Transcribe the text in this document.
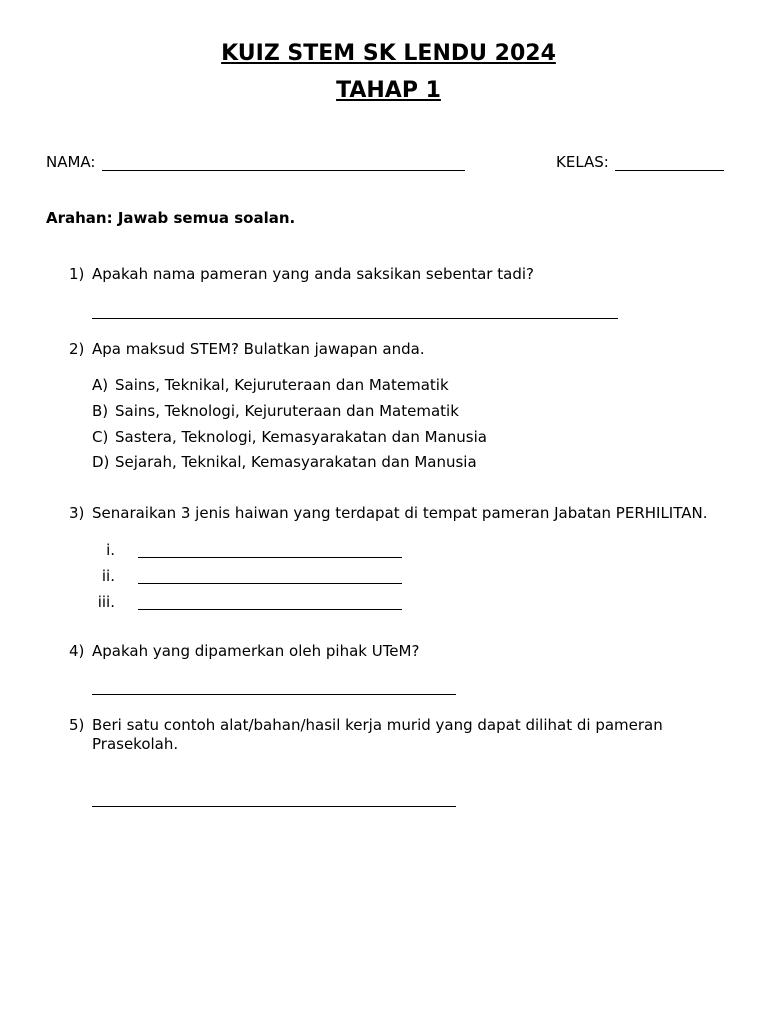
KUIZ STEM SK LENDU 2024
TAHAP 1
NAMA:	KELAS:
Arahan: Jawab semua soalan.
1) Apakah nama pameran yang anda saksikan sebentar tadi?
2) Apa maksud STEM? Bulatkan jawapan anda.
A) Sains, Teknikal, Kejuruteraan dan Matematik
B) Sains, Teknologi, Kejuruteraan dan Matematik
C) Sastera, Teknologi, Kemasyarakatan dan Manusia
D) Sejarah, Teknikal, Kemasyarakatan dan Manusia
3) Senaraikan 3 jenis haiwan yang terdapat di tempat pameran Jabatan PERHILITAN.
i.
ii.
iii.
4) Apakah yang dipamerkan oleh pihak UTeM?
5) Beri satu contoh alat/bahan/hasil kerja murid yang dapat dilihat di pameran
Prasekolah.
